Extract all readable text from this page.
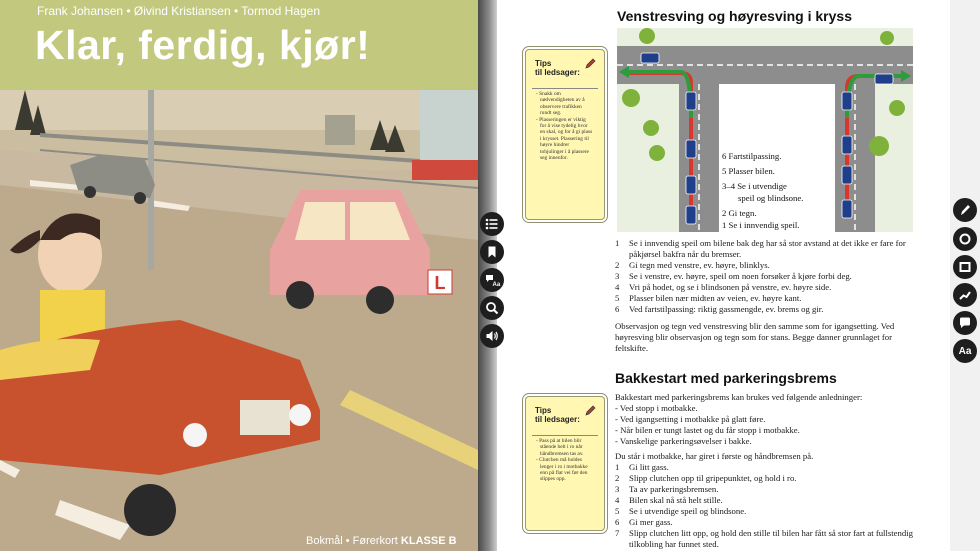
L
Frank Johansen • Øivind Kristiansen • Tormod Hagen
Klar, ferdig, kjør!
Bokmål • Førerkort KLASSE B
Venstresving og høyresving i kryss
Tips
til ledsager:
- Snakk om nødvendigheten av å observere trafikken rundt seg.
- Plasseringen er viktig for å vise tydelig hvor en skal, og for å gi plass i krysset. Plassering til høyre hindrer tohjulinger i å plassere seg innenfor.	6 Fartstilpassing.
5 Plasser bilen.
3–4 Se i utvendige
speil og blindsone.
2 Gi tegn.
1 Se i innvendig speil.
1	Se i innvendig speil om bilene bak deg har så stor avstand at det ikke er fare for påkjørsel bakfra når du bremser.
2	Gi tegn med venstre, ev. høyre, blinklys.
3	Se i venstre, ev. høyre, speil om noen forsøker å kjøre forbi deg.
4	Vri på hodet, og se i blindsonen på venstre, ev. høyre side.
5	Plasser bilen nær midten av veien, ev. høyre kant.
6	Ved fartstilpassing: riktig gassmengde, ev. brems og gir.
Observasjon og tegn ved venstresving blir den samme som for igangsetting. Ved høyresving blir observasjon og tegn som for stans. Begge danner grunnlaget for feltskifte.
Bakkestart med parkeringsbrems
Tips
til ledsager:
- Pass på at bilen blir stående helt i ro når håndbremsen tas av.
- Clutchen må holdes lenger i ro i motbakke enn på flat vei før den slippes opp.
Bakkestart med parkeringsbrems kan brukes ved følgende anledninger:
- Ved stopp i motbakke.
- Ved igangsetting i motbakke på glatt føre.
- Når bilen er tungt lastet og du får stopp i motbakke.
- Vanskelige parkeringsøvelser i bakke.
Du står i motbakke, har giret i første og håndbremsen på.
1	Gi litt gass.
2	Slipp clutchen opp til gripepunktet, og hold i ro.
3	Ta av parkeringsbremsen.
4	Bilen skal nå stå helt stille.
5	Se i utvendige speil og blindsone.
6	Gi mer gass.
7	Slipp clutchen litt opp, og hold den stille til bilen har fått så stor fart at fullstendig tilkobling har funnet sted.
Aa
Aa
